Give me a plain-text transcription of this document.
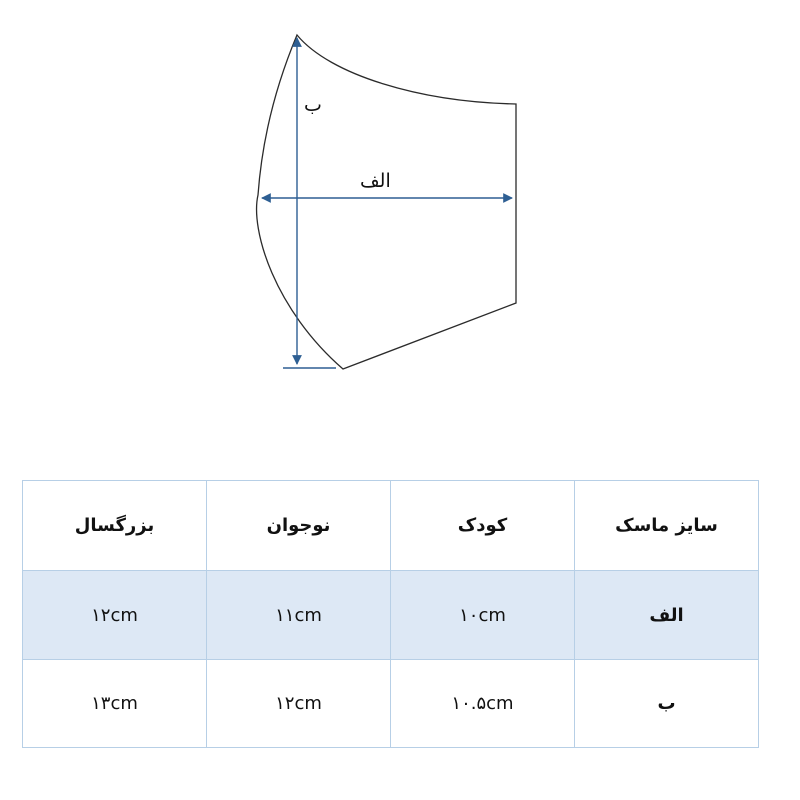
ب
الف
سایز ماسک	کودک	نوجوان	بزرگسال
الف	۱۰cm	۱۱cm	۱۲cm
ب	۱۰.۵cm	۱۲cm	۱۳cm
